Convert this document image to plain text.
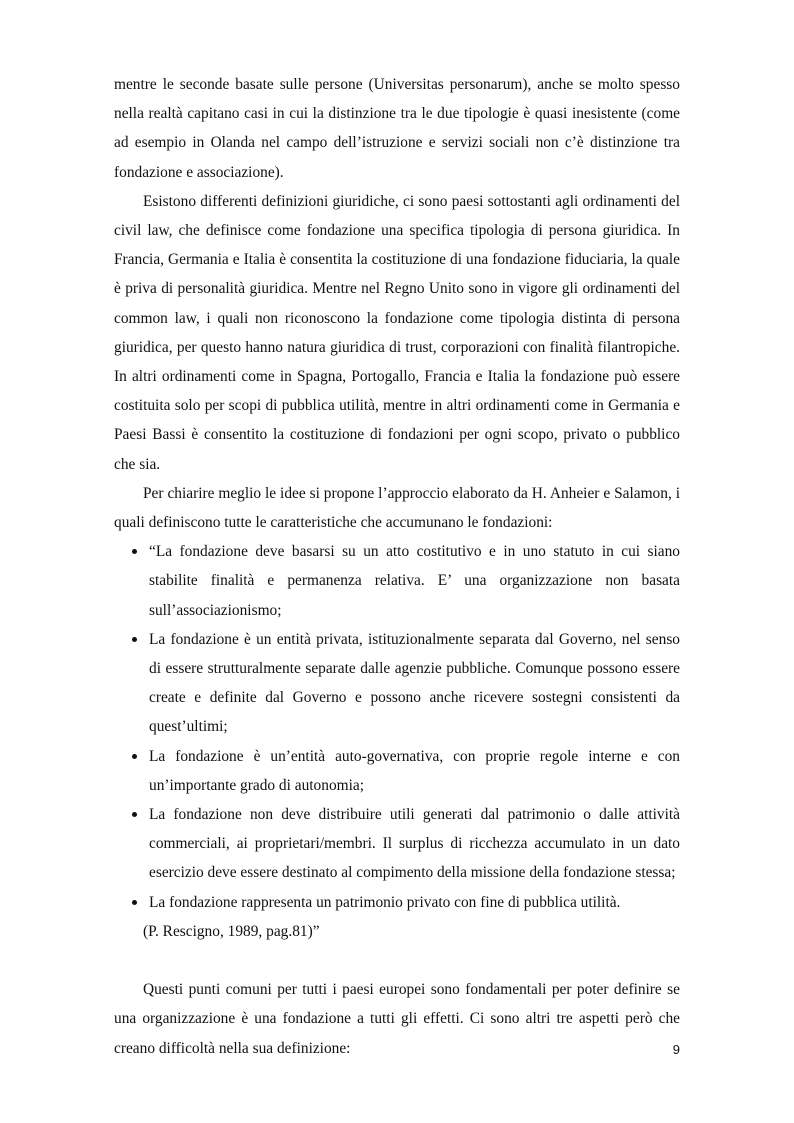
mentre le seconde basate sulle persone (Universitas personarum), anche se molto spesso nella realtà capitano casi in cui la distinzione tra le due tipologie è quasi inesistente (come ad esempio in Olanda nel campo dell’istruzione e servizi sociali non c’è distinzione tra fondazione e associazione).

Esistono differenti definizioni giuridiche, ci sono paesi sottostanti agli ordinamenti del civil law, che definisce come fondazione una specifica tipologia di persona giuridica. In Francia, Germania e Italia è consentita la costituzione di una fondazione fiduciaria, la quale è priva di personalità giuridica. Mentre nel Regno Unito sono in vigore gli ordinamenti del common law, i quali non riconoscono la fondazione come tipologia distinta di persona giuridica, per questo hanno natura giuridica di trust, corporazioni con finalità filantropiche. In altri ordinamenti come in Spagna, Portogallo, Francia e Italia la fondazione può essere costituita solo per scopi di pubblica utilità, mentre in altri ordinamenti come in Germania e Paesi Bassi è consentito la costituzione di fondazioni per ogni scopo, privato o pubblico che sia.

Per chiarire meglio le idee si propone l’approccio elaborato da H. Anheier e Salamon, i quali definiscono tutte le caratteristiche che accumunano le fondazioni:

“La fondazione deve basarsi su un atto costitutivo e in uno statuto in cui siano stabilite finalità e permanenza relativa. E’ una organizzazione non basata sull’associazionismo;
La fondazione è un entità privata, istituzionalmente separata dal Governo, nel senso di essere strutturalmente separate dalle agenzie pubbliche. Comunque possono essere create e definite dal Governo e possono anche ricevere sostegni consistenti da quest’ultimi;
La fondazione è un’entità auto-governativa, con proprie regole interne e con un’importante grado di autonomia;
La fondazione non deve distribuire utili generati dal patrimonio o dalle attività commerciali, ai proprietari/membri. Il surplus di ricchezza accumulato in un dato esercizio deve essere destinato al compimento della missione della fondazione stessa;
La fondazione rappresenta un patrimonio privato con fine di pubblica utilità.

(P. Rescigno, 1989, pag.81)”

Questi punti comuni per tutti i paesi europei sono fondamentali per poter definire se una organizzazione è una fondazione a tutti gli effetti. Ci sono altri tre aspetti però che creano difficoltà nella sua definizione:	9
